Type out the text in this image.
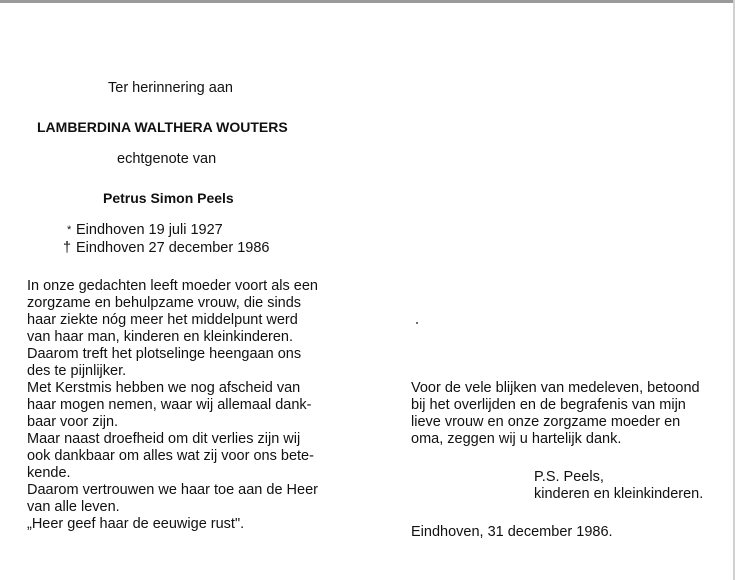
Ter herinnering aan
LAMBERDINA WALTHERA WOUTERS
echtgenote van
Petrus Simon Peels
* Eindhoven 19 juli 1927
† Eindhoven 27 december 1986
In onze gedachten leeft moeder voort als een
zorgzame en behulpzame vrouw, die sinds
haar ziekte nóg meer het middelpunt werd
van haar man, kinderen en kleinkinderen.
Daarom treft het plotselinge heengaan ons
des te pijnlijker.
Met Kerstmis hebben we nog afscheid van
haar mogen nemen, waar wij allemaal dank-
baar voor zijn.
Maar naast droefheid om dit verlies zijn wij
ook dankbaar om alles wat zij voor ons bete-
kende.
Daarom vertrouwen we haar toe aan de Heer
van alle leven.
„Heer geef haar de eeuwige rust".
Voor de vele blijken van medeleven, betoond
bij het overlijden en de begrafenis van mijn
lieve vrouw en onze zorgzame moeder en
oma, zeggen wij u hartelijk dank.
P.S. Peels,
kinderen en kleinkinderen.
Eindhoven, 31 december 1986.
